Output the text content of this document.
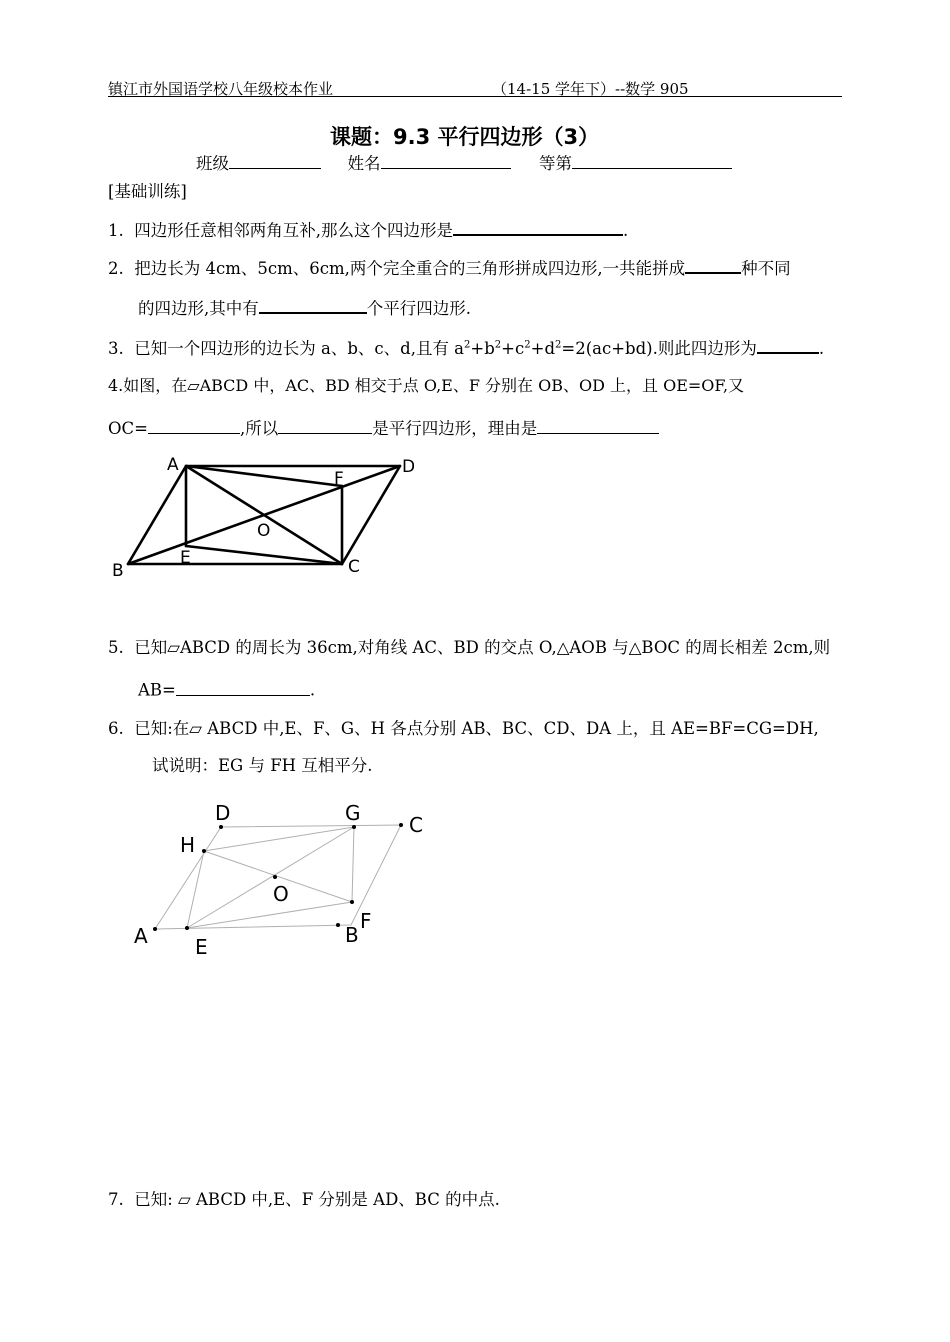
镇江市外国语学校八年级校本作业	（14-15 学年下）--数学 905
课题：9.3 平行四边形（3）
班级	姓名	等第
[基础训练]
1. 四边形任意相邻两角互补,那么这个四边形是	.
2. 把边长为 4cm、5cm、6cm,两个完全重合的三角形拼成四边形,一共能拼成	种不同
的四边形,其中有	个平行四边形.
3. 已知一个四边形的边长为 a、b、c、d,且有 $a^2+b^2+c^2+d^2=2(ac+bd)$.则此四边形为	.
4.如图，在▱ABCD 中，AC、BD 相交于点 O,E、F 分别在 OB、OD 上，且 OE=OF,又
OC=	,所以	是平行四边形，理由是
A	D
F
O
E
B	C
5. 已知▱ABCD 的周长为 36cm,对角线 AC、BD 的交点 O,△AOB 与△BOC 的周长相差 2cm,则
AB=	.
6. 已知:在▱ ABCD 中,E、F、G、H 各点分别 AB、BC、CD、DA 上，且 AE=BF=CG=DH,
试说明：EG 与 FH 互相平分.
A E	B
F
C
G
D
H
O
7. 已知: ▱ ABCD 中,E、F 分别是 AD、BC 的中点.
